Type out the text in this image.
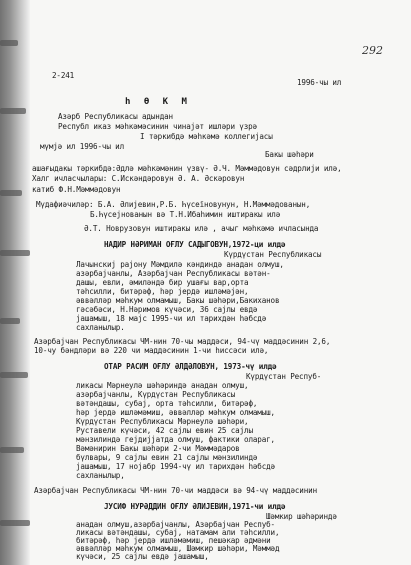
292
2-241
1996-чы ил
һ Ө К М
Азәрб Республикасы адындан
Республ иказ мәһкәмәсинин чинајәт ишләри үзрә
I тәркибдә мәһкәмә коллегијасы
мүмјә ил 1996-чы ил
Бакы шәһәри
ашағыдакы тәркибдә:Әдлә мәһкәмәнин үзвү- Ә.Ч. Мәммәдовун сәдрлији илә,
Халг ичласчылары: С.Искәндәровун Ә. А. Әскәровун
катиб Ф.Н.Мәммәдовун
Мүдафиәчиләр: Б.А. Әлијевин,Р.Б. Һүсеїновунун, Н.Мәммәдованын,
Б.Һүсејнованын вә Т.Н.Ибаһимин иштиракы илә
Ә.Т. Новрузовун иштиракы илә , ачыг мәһкәмә ичласында
НАДИР НӘРИМАН ОҒЛУ САДЫГОВУН,1972-ци илдә
Күрдүстан Республикасы
Лачынскиј рајону Мәмдилә кәндиндә анадан олмуш,
азәрбајчанлы, Азәрбајчан Республикасы вәтән-
дашы, евли, әмиләндә бир ушағы вар,орта
тәһсилли, битәрәф, һәр јердә ишләмәјән,
әввәлләр мәһкум олмамыш, Бакы шәһәри,Бакиханов
гәсәбәси, Н.Нәримов күчәси, 36 сајлы евдә
јашамыш, 18 мајс 1995-чи ил тарихдән һәбсдә
сахланылыр.
Азәрбајчан Республикасы ЧМ-нин 70-чы маддәси, 94-чү маддәсинин 2,6,
10-чу бәндләри вә 220 чи маддәсинин 1-чи һиссәси илә,
ОТАР РАСИМ ОҒЛУ ӘЛДӘЛОВУН, 1973-чү илдә
Күрдүстан Респуб-
ликасы Мәрнеулә шәһәриндә анадан олмуш,
азәрбајчанлы, Күрдүстан Республикасы
вәтәндашы, субај, орта тәһсилли, битәрәф,
һәр јердә ишләмәмиш, әввәлләр мәһкум олмамыш,
Күрдүстан Республикасы Мәрнеулә шәһәри,
Руставели күчәси, 42 сајлы евин 25 сајлы
мәнзилиндә гејдијјатда олмуш, фактики олараг,
Вәмәнирин Бакы шәһәри 2-чи Мәммәдаров
бүлвары, 9 сајлы евин 21 сајлы мәнзилиндә
јашамыш, 17 нојабр 1994-чү ил тарихдән һәбсдә
сахланылыр,
Азәрбајчан Республикасы ЧМ-нин 70-чи маддәси вә 94-чү маддәсинин
ЈУСИФ НУРӘДДИН ОҒЛУ ӘЛИЈЕВИН,1971-чи илдә
Шәмкир шәһәриндә
анадан олмуш,азәрбајчанлы, Азәрбајчан Респуб-
ликасы вәтәндашы, субај, натамам али тәһсилли,
битәрәф, һәр јердә ишләмәмиш, пешәкар әдмәни
әввәлләр мәһкум олмамыш, Шәмкир шәһәри, Мәммәд
күчәси, 25 сајлы евдә јашамыш,
